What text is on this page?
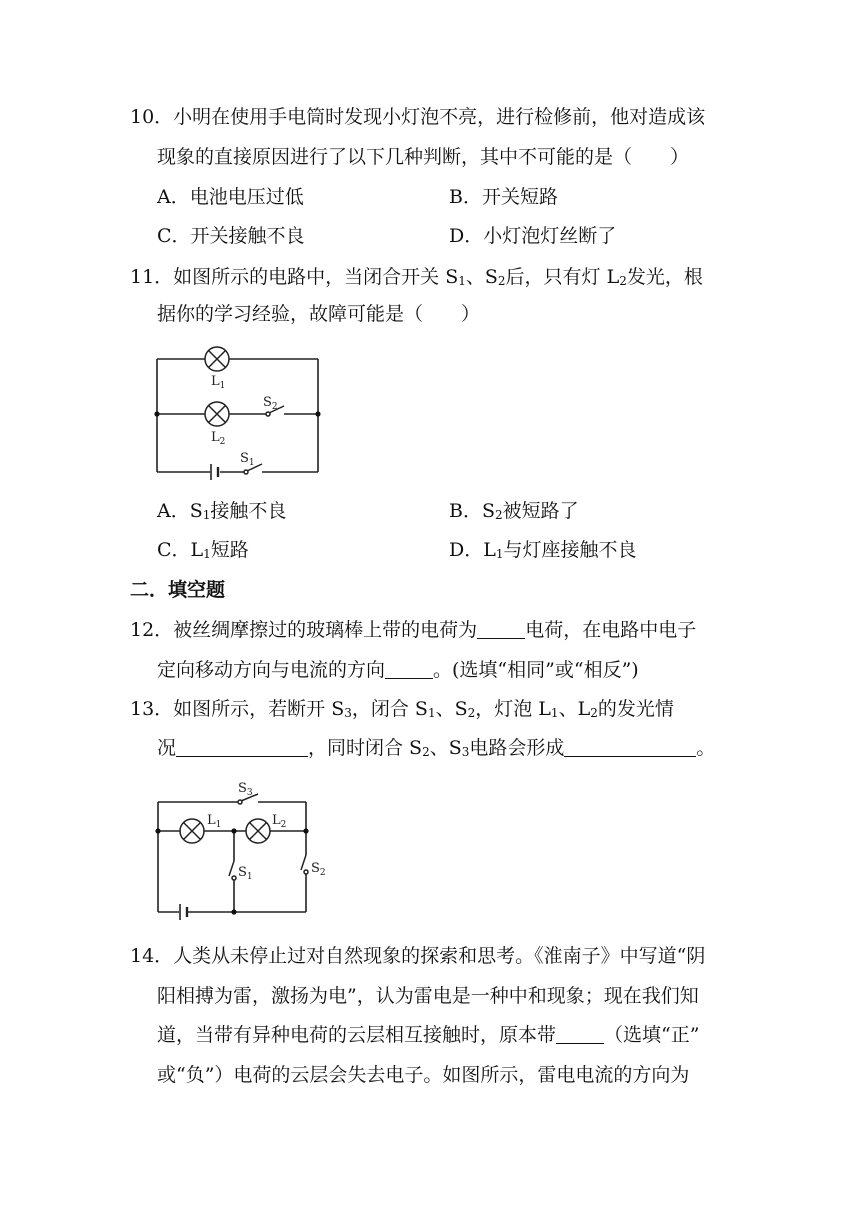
10．小明在使用手电筒时发现小灯泡不亮，进行检修前，他对造成该
现象的直接原因进行了以下几种判断，其中不可能的是（　　）
A．电池电压过低	B．开关短路
C．开关接触不良	D．小灯泡灯丝断了
11．如图所示的电路中，当闭合开关 $S_1$、$S_2$后，只有灯 $L_2$发光，根
据你的学习经验，故障可能是（　　）
$L_1$
$L_2$
$S_2$
$S_1$
A．$S_1$接触不良	B．$S_2$被短路了
C．$L_1$短路	D．$L_1$与灯座接触不良
二．填空题
12．被丝绸摩擦过的玻璃棒上带的电荷为	电荷，在电路中电子
定向移动方向与电流的方向	。(选填“相同”或“相反”)
13．如图所示，若断开 $S_3$，闭合 $S_1$、$S_2$，灯泡 $L_1$、$L_2$的发光情
况	，同时闭合 $S_2$、$S_3$电路会形成	。
$S_3$
$L_1$	$L_2$
$S_1$
$S_2$
14．人类从未停止过对自然现象的探索和思考。《淮南子》中写道“阴
阳相搏为雷，激扬为电”，认为雷电是一种中和现象；现在我们知
道，当带有异种电荷的云层相互接触时，原本带	（选填“正”
或“负”）电荷的云层会失去电子。如图所示，雷电电流的方向为
